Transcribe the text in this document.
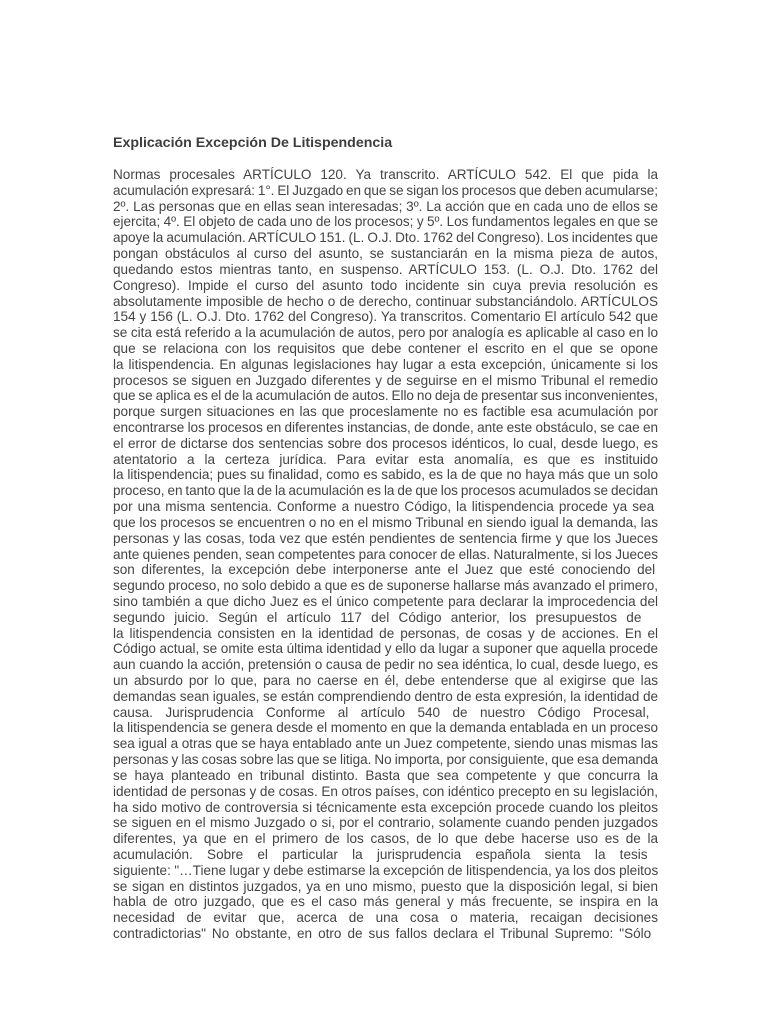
Explicación Excepción De Litispendencia
Normas procesales ARTÍCULO 120. Ya transcrito. ARTÍCULO 542. El que pida la
acumulación expresará: 1°. El Juzgado en que se sigan los procesos que deben acumularse;
2º. Las personas que en ellas sean interesadas; 3º. La acción que en cada uno de ellos se
ejercita; 4º. El objeto de cada uno de los procesos; y 5º. Los fundamentos legales en que se
apoye la acumulación. ARTÍCULO 151. (L. O.J. Dto. 1762 del Congreso). Los incidentes que
pongan obstáculos al curso del asunto, se sustanciarán en la misma pieza de autos,
quedando estos mientras tanto, en suspenso. ARTÍCULO 153. (L. O.J. Dto. 1762 del
Congreso). Impide el curso del asunto todo incidente sin cuya previa resolución es
absolutamente imposible de hecho o de derecho, continuar substanciándolo. ARTÍCULOS
154 y 156 (L. O.J. Dto. 1762 del Congreso). Ya transcritos. Comentario El artículo 542 que
se cita está referido a la acumulación de autos, pero por analogía es aplicable al caso en lo
que se relaciona con los requisitos que debe contener el escrito en el que se opone
la litispendencia. En algunas legislaciones hay lugar a esta excepción, únicamente si los
procesos se siguen en Juzgado diferentes y de seguirse en el mismo Tribunal el remedio
que se aplica es el de la acumulación de autos. Ello no deja de presentar sus inconvenientes,
porque surgen situaciones en las que proceslamente no es factible esa acumulación por
encontrarse los procesos en diferentes instancias, de donde, ante este obstáculo, se cae en
el error de dictarse dos sentencias sobre dos procesos idénticos, lo cual, desde luego, es
atentatorio a la certeza jurídica. Para evitar esta anomalía, es que es instituido
la litispendencia; pues su finalidad, como es sabido, es la de que no haya más que un solo
proceso, en tanto que la de la acumulación es la de que los procesos acumulados se decidan
por una misma sentencia. Conforme a nuestro Código, la litispendencia procede ya sea
que los procesos se encuentren o no en el mismo Tribunal en siendo igual la demanda, las
personas y las cosas, toda vez que estén pendientes de sentencia firme y que los Jueces
ante quienes penden, sean competentes para conocer de ellas. Naturalmente, si los Jueces
son diferentes, la excepción debe interponerse ante el Juez que esté conociendo del
segundo proceso, no solo debido a que es de suponerse hallarse más avanzado el primero,
sino también a que dicho Juez es el único competente para declarar la improcedencia del
segundo juicio. Según el artículo 117 del Código anterior, los presupuestos de
la litispendencia consisten en la identidad de personas, de cosas y de acciones. En el
Código actual, se omite esta última identidad y ello da lugar a suponer que aquella procede
aun cuando la acción, pretensión o causa de pedir no sea idéntica, lo cual, desde luego, es
un absurdo por lo que, para no caerse en él, debe entenderse que al exigirse que las
demandas sean iguales, se están comprendiendo dentro de esta expresión, la identidad de
causa. Jurisprudencia Conforme al artículo 540 de nuestro Código Procesal,
la litispendencia se genera desde el momento en que la demanda entablada en un proceso
sea igual a otras que se haya entablado ante un Juez competente, siendo unas mismas las
personas y las cosas sobre las que se litiga. No importa, por consiguiente, que esa demanda
se haya planteado en tribunal distinto. Basta que sea competente y que concurra la
identidad de personas y de cosas. En otros países, con idéntico precepto en su legislación,
ha sido motivo de controversia si técnicamente esta excepción procede cuando los pleitos
se siguen en el mismo Juzgado o si, por el contrario, solamente cuando penden juzgados
diferentes, ya que en el primero de los casos, de lo que debe hacerse uso es de la
acumulación. Sobre el particular la jurisprudencia española sienta la tesis
siguiente: "…Tiene lugar y debe estimarse la excepción de litispendencia, ya los dos pleitos
se sigan en distintos juzgados, ya en uno mismo, puesto que la disposición legal, si bien
habla de otro juzgado, que es el caso más general y más frecuente, se inspira en la
necesidad de evitar que, acerca de una cosa o materia, recaigan decisiones
contradictorias" No obstante, en otro de sus fallos declara el Tribunal Supremo: "Sólo
